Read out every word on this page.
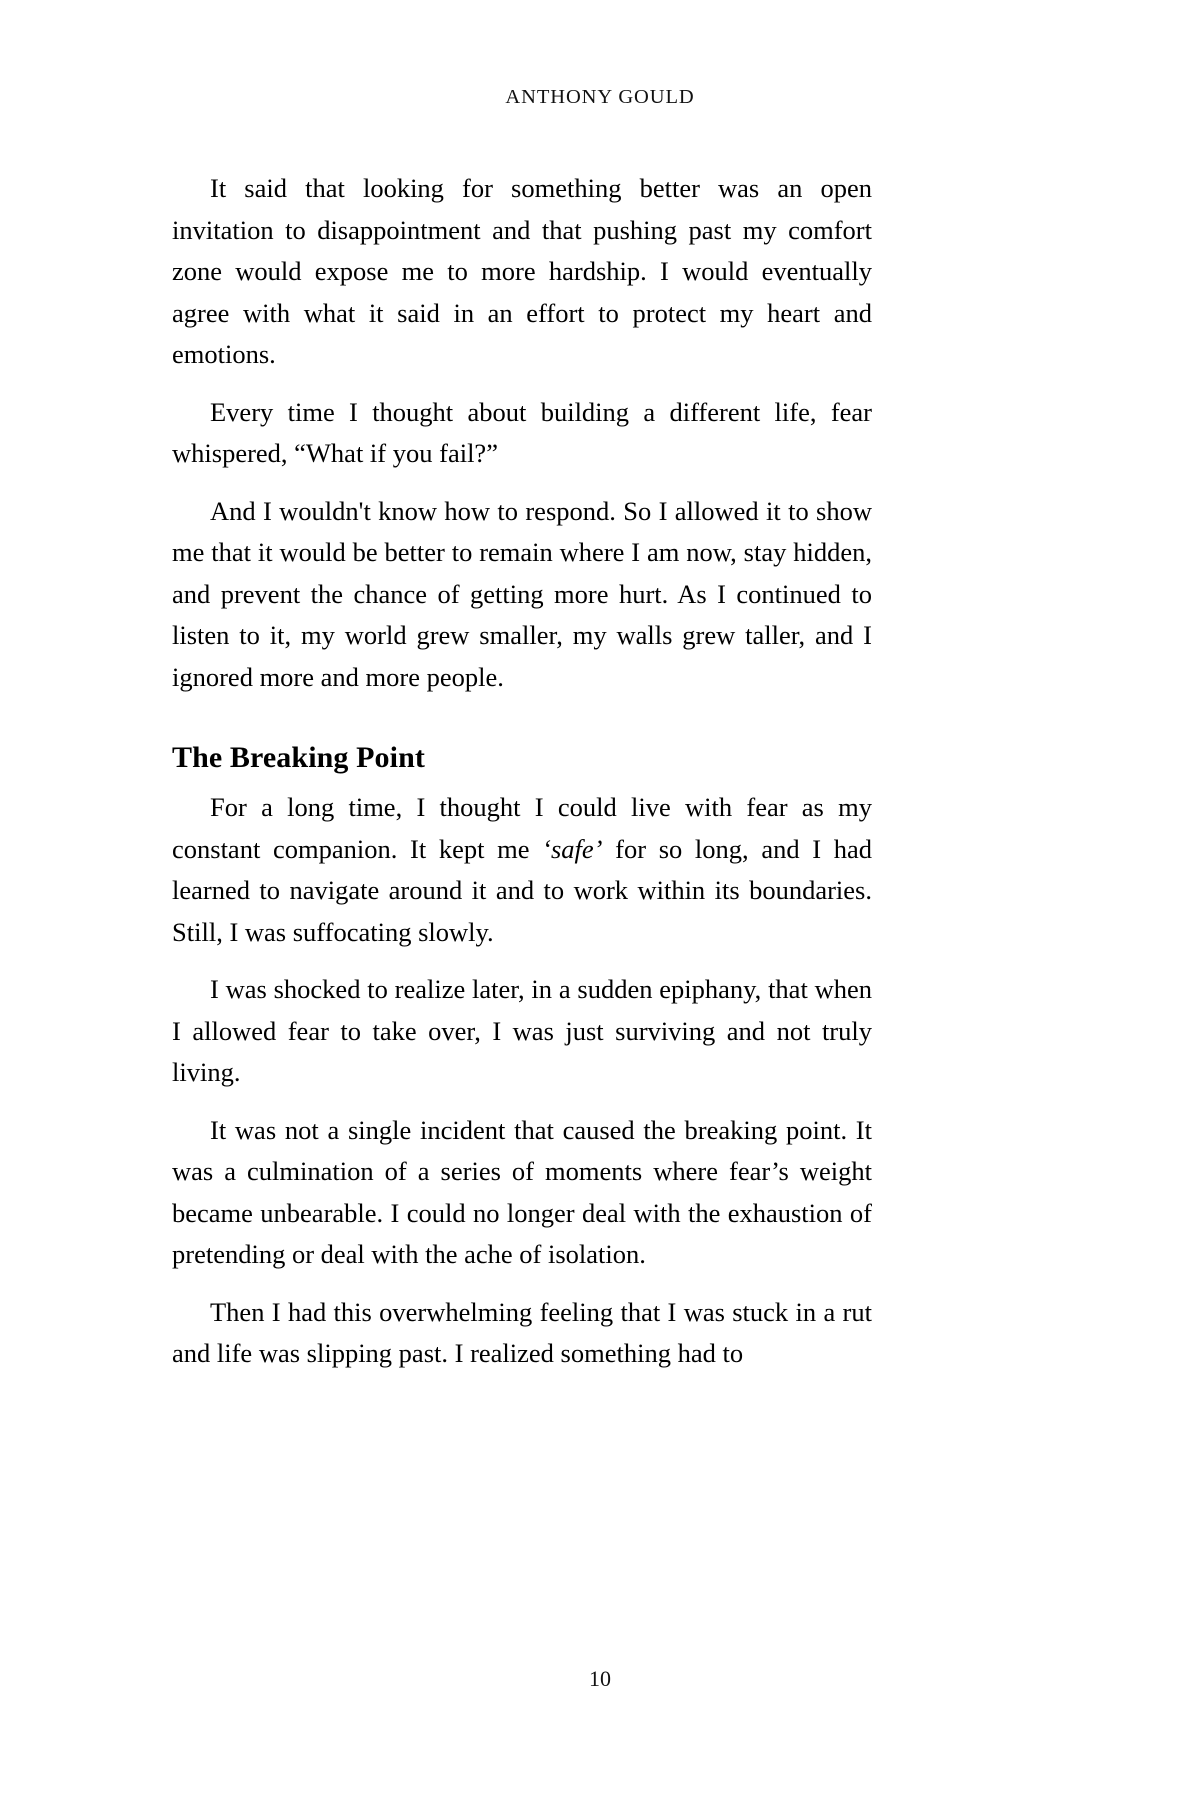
ANTHONY GOULD

It said that looking for something better was an open invitation to disappointment and that pushing past my comfort zone would expose me to more hardship. I would eventually agree with what it said in an effort to protect my heart and emotions.

Every time I thought about building a different life, fear whispered, “What if you fail?”

And I wouldn't know how to respond. So I allowed it to show me that it would be better to remain where I am now, stay hidden, and prevent the chance of getting more hurt. As I continued to listen to it, my world grew smaller, my walls grew taller, and I ignored more and more people.

The Breaking Point

For a long time, I thought I could live with fear as my constant companion. It kept me ‘safe’ for so long, and I had learned to navigate around it and to work within its boundaries. Still, I was suffocating slowly.

I was shocked to realize later, in a sudden epiphany, that when I allowed fear to take over, I was just surviving and not truly living.

It was not a single incident that caused the breaking point. It was a culmination of a series of moments where fear’s weight became unbearable. I could no longer deal with the exhaustion of pretending or deal with the ache of isolation.

Then I had this overwhelming feeling that I was stuck in a rut and life was slipping past. I realized something had to

10
